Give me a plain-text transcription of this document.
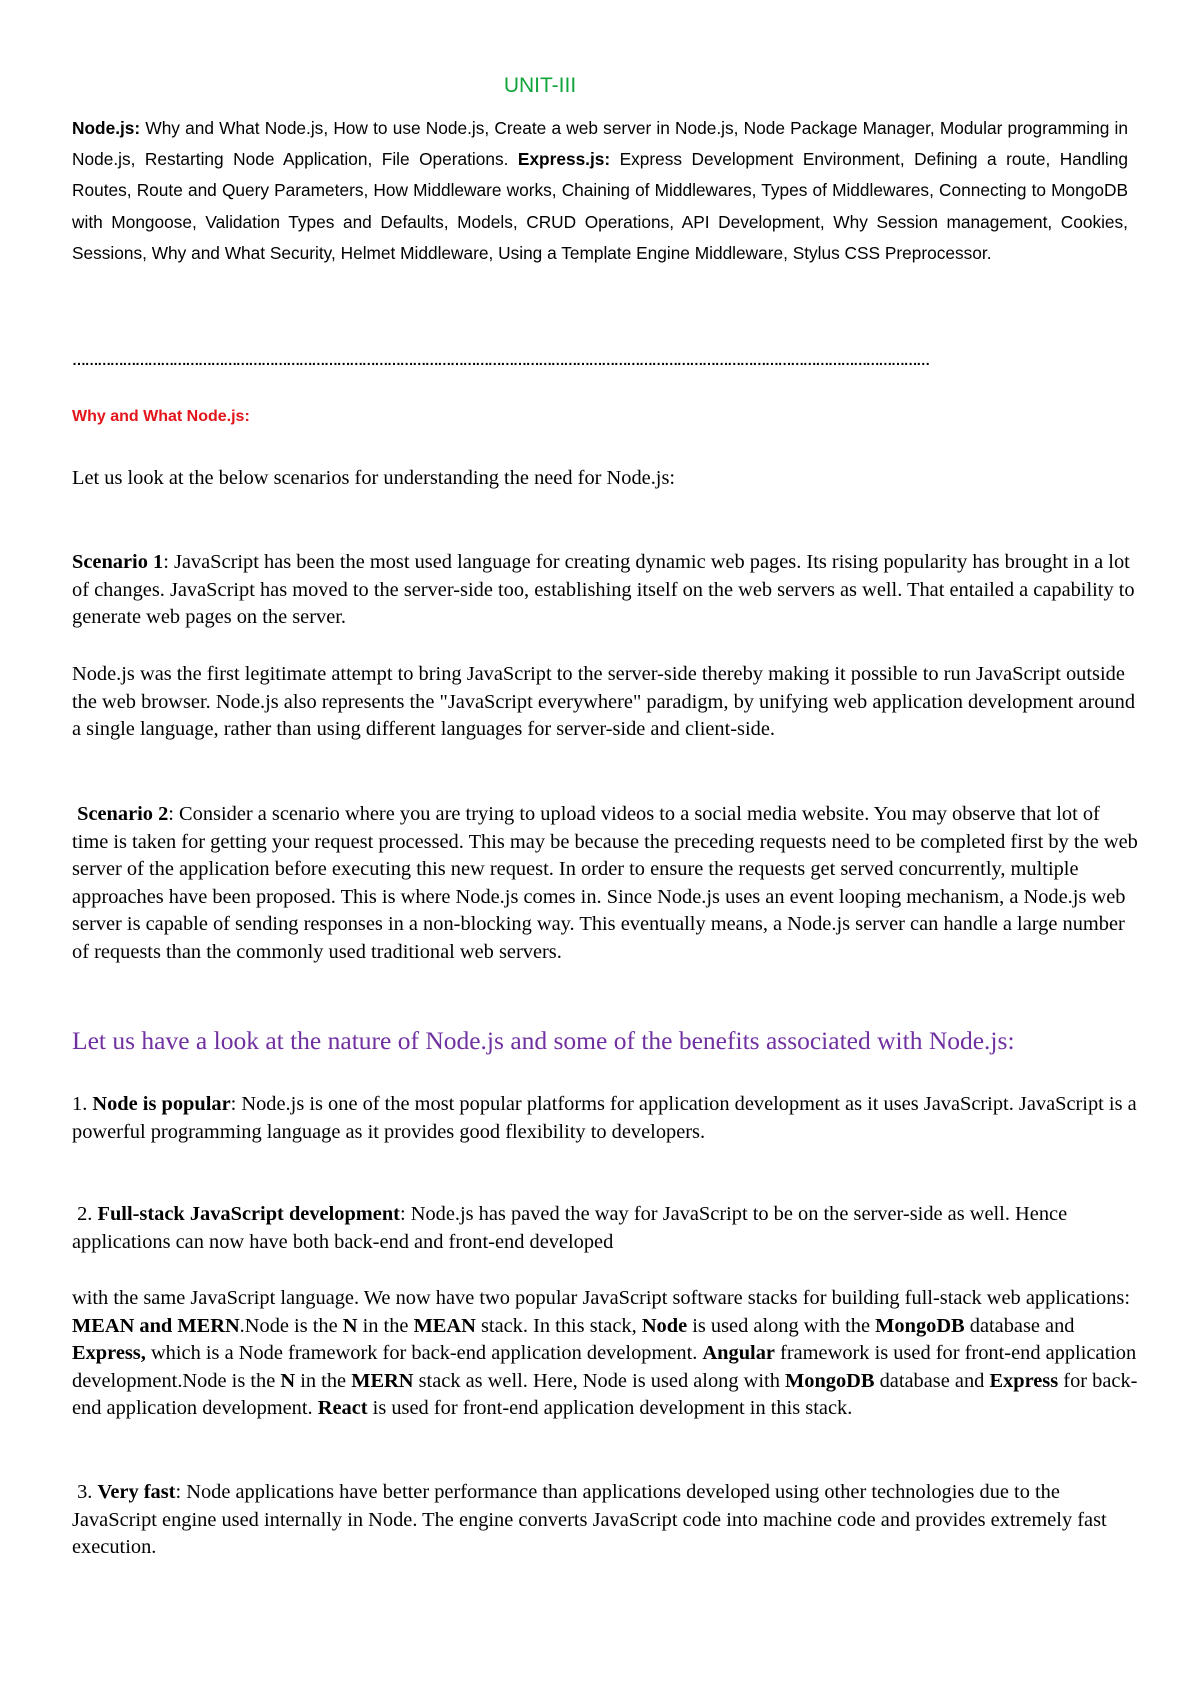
UNIT-III
Node.js: Why and What Node.js, How to use Node.js, Create a web server in Node.js, Node Package Manager, Modular programming in Node.js, Restarting Node Application, File Operations. Express.js: Express Development Environment, Defining a route, Handling Routes, Route and Query Parameters, How Middleware works, Chaining of Middlewares, Types of Middlewares, Connecting to MongoDB with Mongoose, Validation Types and Defaults, Models, CRUD Operations, API Development, Why Session management, Cookies, Sessions, Why and What Security, Helmet Middleware, Using a Template Engine Middleware, Stylus CSS Preprocessor.
……………………………………………………………………………………………………………………………………………………………………………………
Why and What Node.js:
Let us look at the below scenarios for understanding the need for Node.js:
Scenario 1: JavaScript has been the most used language for creating dynamic web pages. Its rising popularity has brought in a lot of changes. JavaScript has moved to the server-side too, establishing itself on the web servers as well. That entailed a capability to generate web pages on the server.
Node.js was the first legitimate attempt to bring JavaScript to the server-side thereby making it possible to run JavaScript outside the web browser. Node.js also represents the "JavaScript everywhere" paradigm, by unifying web application development around a single language, rather than using different languages for server-side and client-side.
Scenario 2: Consider a scenario where you are trying to upload videos to a social media website. You may observe that lot of time is taken for getting your request processed. This may be because the preceding requests need to be completed first by the web server of the application before executing this new request. In order to ensure the requests get served concurrently, multiple approaches have been proposed. This is where Node.js comes in. Since Node.js uses an event looping mechanism, a Node.js web server is capable of sending responses in a non-blocking way. This eventually means, a Node.js server can handle a large number of requests than the commonly used traditional web servers.
Let us have a look at the nature of Node.js and some of the benefits associated with Node.js:
1. Node is popular: Node.js is one of the most popular platforms for application development as it uses JavaScript. JavaScript is a powerful programming language as it provides good flexibility to developers.
2. Full-stack JavaScript development: Node.js has paved the way for JavaScript to be on the server-side as well. Hence applications can now have both back-end and front-end developed
with the same JavaScript language. We now have two popular JavaScript software stacks for building full-stack web applications: MEAN and MERN.Node is the N in the MEAN stack. In this stack, Node is used along with the MongoDB database and Express, which is a Node framework for back-end application development. Angular framework is used for front-end application development.Node is the N in the MERN stack as well. Here, Node is used along with MongoDB database and Express for back-end application development. React is used for front-end application development in this stack.
3. Very fast: Node applications have better performance than applications developed using other technologies due to the JavaScript engine used internally in Node. The engine converts JavaScript code into machine code and provides extremely fast execution.
